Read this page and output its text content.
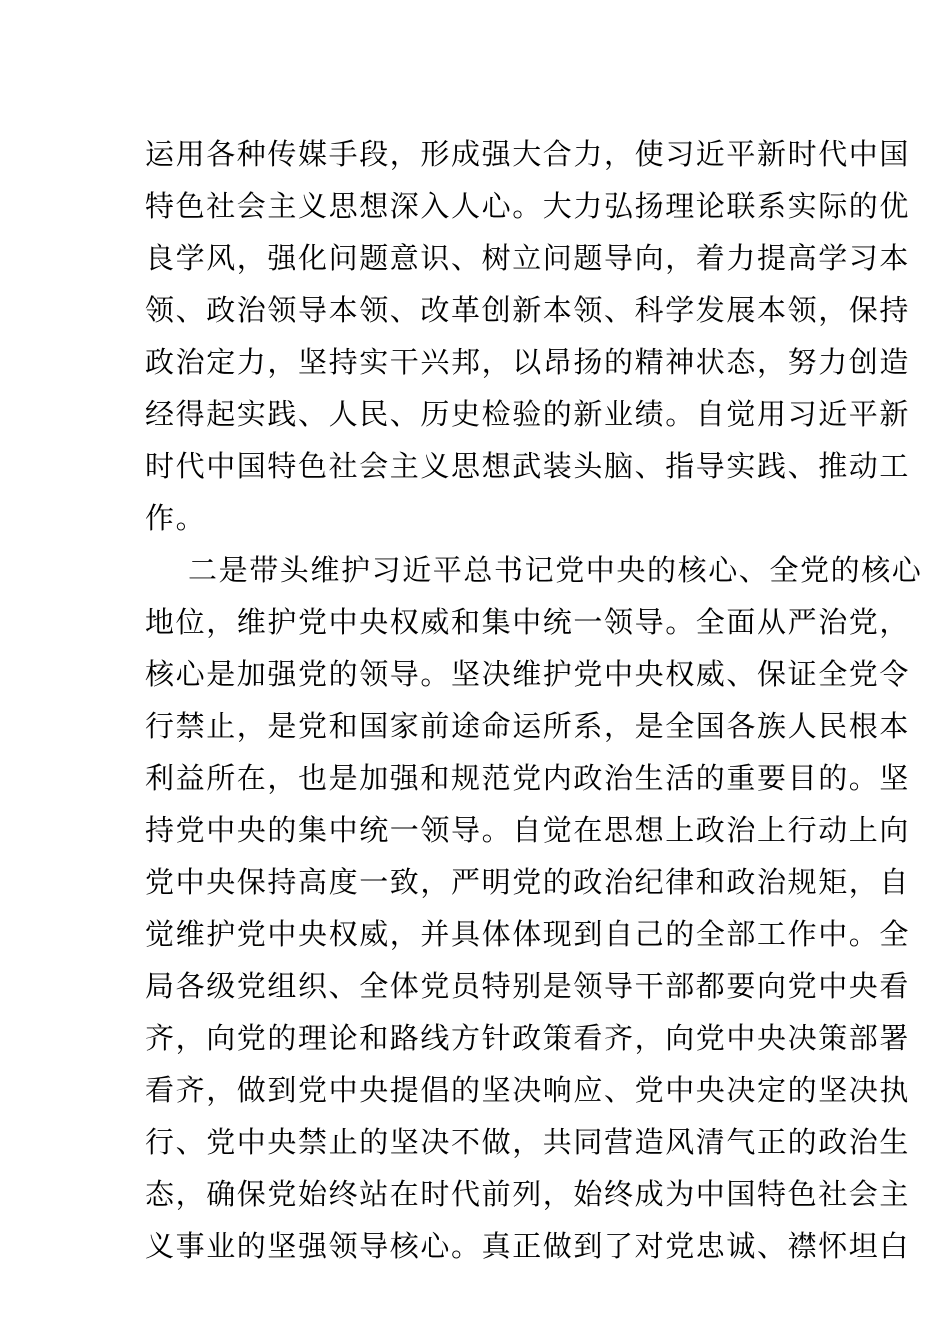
运用各种传媒手段，形成强大合力，使习近平新时代中国
特色社会主义思想深入人心。大力弘扬理论联系实际的优
良学风，强化问题意识、树立问题导向，着力提高学习本
领、政治领导本领、改革创新本领、科学发展本领，保持
政治定力，坚持实干兴邦，以昂扬的精神状态，努力创造
经得起实践、人民、历史检验的新业绩。自觉用习近平新
时代中国特色社会主义思想武装头脑、指导实践、推动工
作。
二是带头维护习近平总书记党中央的核心、全党的核心
地位，维护党中央权威和集中统一领导。全面从严治党，
核心是加强党的领导。坚决维护党中央权威、保证全党令
行禁止，是党和国家前途命运所系，是全国各族人民根本
利益所在，也是加强和规范党内政治生活的重要目的。坚
持党中央的集中统一领导。自觉在思想上政治上行动上向
党中央保持高度一致，严明党的政治纪律和政治规矩，自
觉维护党中央权威，并具体体现到自己的全部工作中。全
局各级党组织、全体党员特别是领导干部都要向党中央看
齐，向党的理论和路线方针政策看齐，向党中央决策部署
看齐，做到党中央提倡的坚决响应、党中央决定的坚决执
行、党中央禁止的坚决不做，共同营造风清气正的政治生
态，确保党始终站在时代前列，始终成为中国特色社会主
义事业的坚强领导核心。真正做到了对党忠诚、襟怀坦白
